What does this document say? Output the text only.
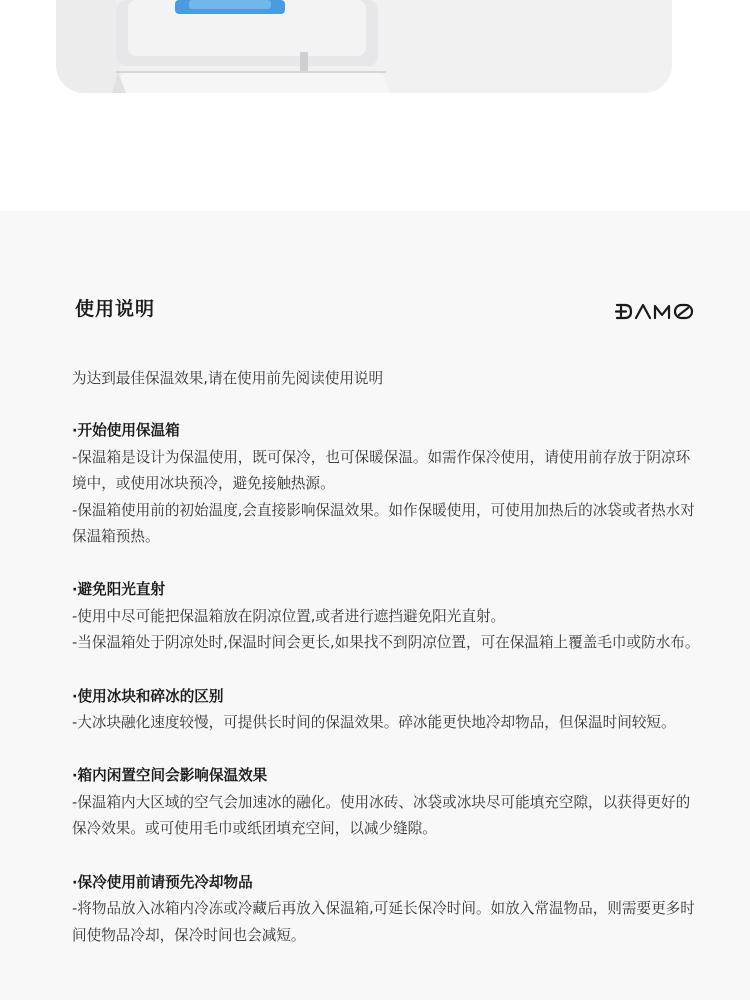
使用说明

为达到最佳保温效果,请在使用前先阅读使用说明

·开始使用保温箱

-保温箱是设计为保温使用，既可保冷，也可保暖保温。如需作保冷使用，请使用前存放于阴凉环境中，或使用冰块预冷，避免接触热源。

-保温箱使用前的初始温度,会直接影响保温效果。如作保暖使用，可使用加热后的冰袋或者热水对保温箱预热。

·避免阳光直射

-使用中尽可能把保温箱放在阴凉位置,或者进行遮挡避免阳光直射。

-当保温箱处于阴凉处时,保温时间会更长,如果找不到阴凉位置，可在保温箱上覆盖毛巾或防水布。

·使用冰块和碎冰的区别

-大冰块融化速度较慢，可提供长时间的保温效果。碎冰能更快地冷却物品，但保温时间较短。

·箱内闲置空间会影响保温效果

-保温箱内大区域的空气会加速冰的融化。使用冰砖、冰袋或冰块尽可能填充空隙，以获得更好的保冷效果。或可使用毛巾或纸团填充空间，以减少缝隙。

·保冷使用前请预先冷却物品

-将物品放入冰箱内冷冻或冷藏后再放入保温箱,可延长保冷时间。如放入常温物品，则需要更多时间使物品冷却，保冷时间也会减短。
